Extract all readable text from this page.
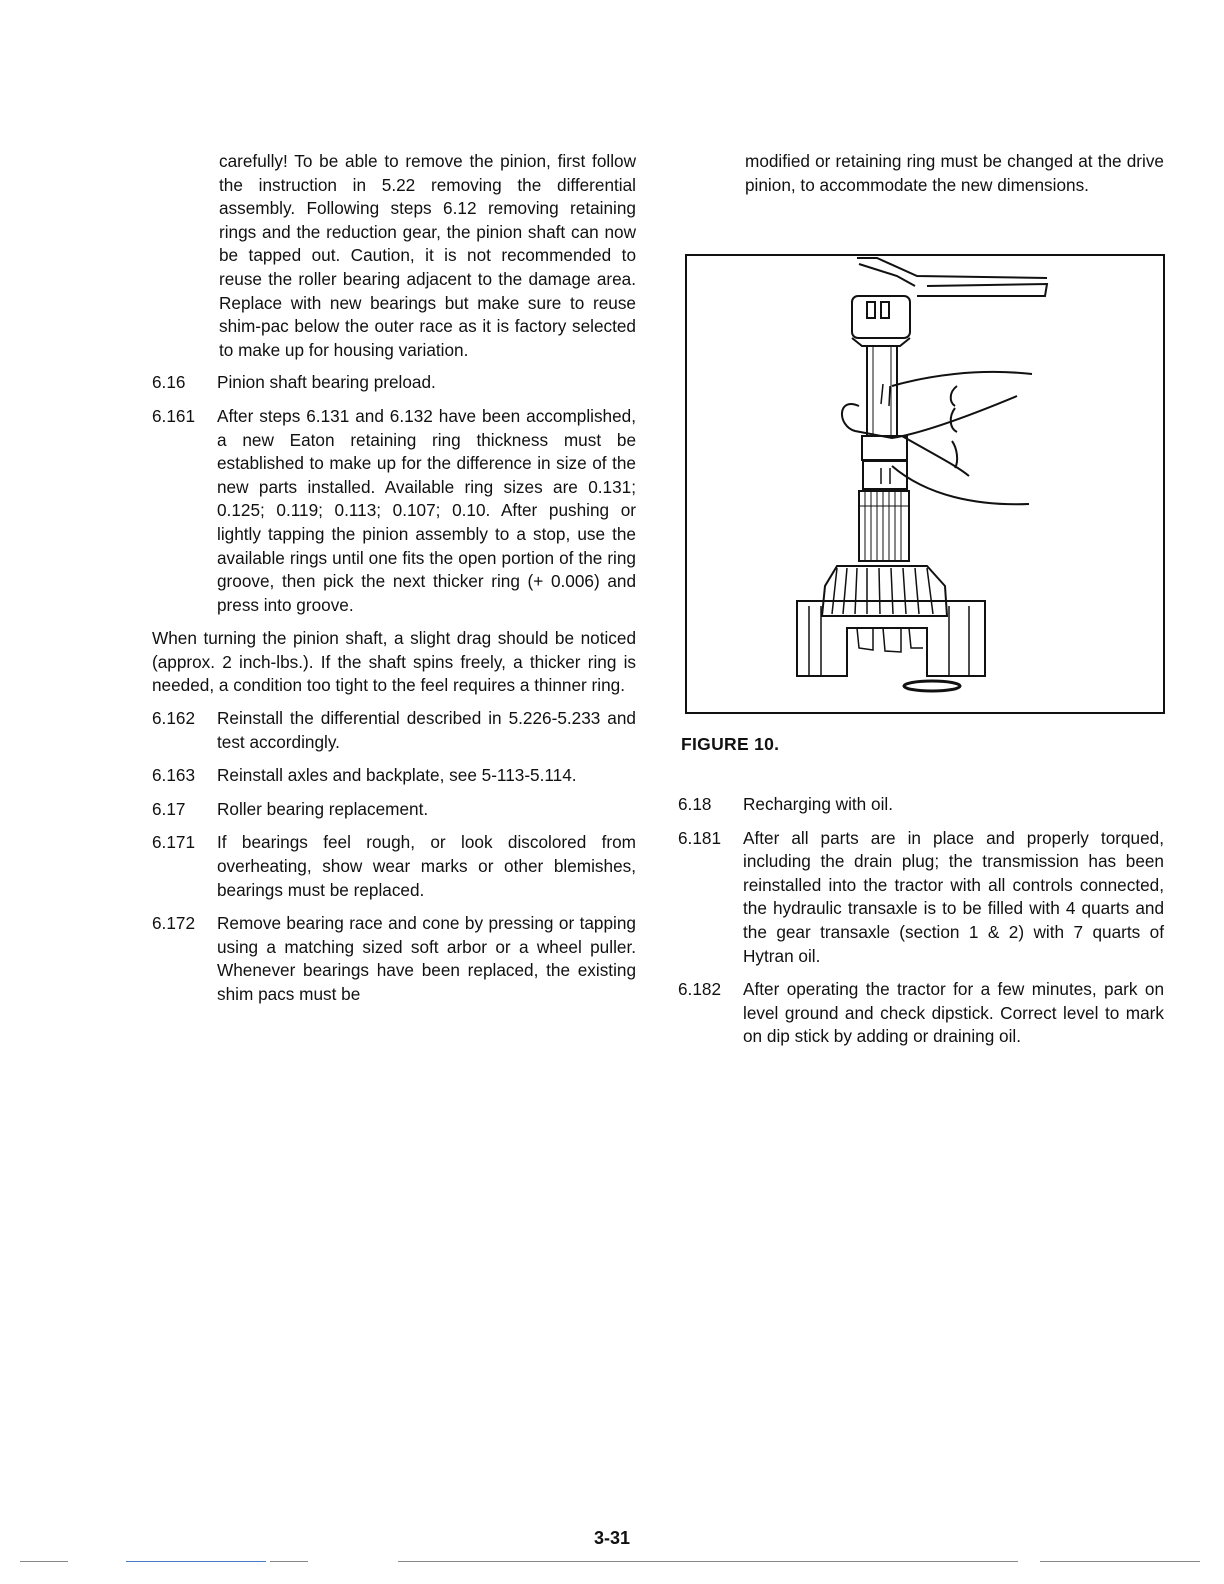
carefully! To be able to remove the pinion, first follow the instruction in 5.22 removing the differential assembly. Following steps 6.12 removing retaining rings and the reduction gear, the pinion shaft can now be tapped out. Caution, it is not recommended to reuse the roller bearing adjacent to the damage area. Replace with new bearings but make sure to reuse shim-pac below the outer race as it is factory selected to make up for housing variation.

6.16	Pinion shaft bearing preload.
6.161	After steps 6.131 and 6.132 have been accomplished, a new Eaton retaining ring thickness must be established to make up for the difference in size of the new parts installed. Available ring sizes are 0.131; 0.125; 0.119; 0.113; 0.107; 0.10. After pushing or lightly tapping the pinion assembly to a stop, use the available rings until one fits the open portion of the ring groove, then pick the next thicker ring (+ 0.006) and press into groove.

When turning the pinion shaft, a slight drag should be noticed (approx. 2 inch-lbs.). If the shaft spins freely, a thicker ring is needed, a condition too tight to the feel requires a thinner ring.

6.162	Reinstall the differential described in 5.226-5.233 and test accordingly.
6.163	Reinstall axles and backplate, see 5-113-5.114.
6.17	Roller bearing replacement.
6.171	If bearings feel rough, or look discolored from overheating, show wear marks or other blemishes, bearings must be replaced.
6.172	Remove bearing race and cone by pressing or tapping using a matching sized soft arbor or a wheel puller. Whenever bearings have been replaced, the existing shim pacs must be

modified or retaining ring must be changed at the drive pinion, to accommodate the new dimensions.

FIGURE 10.
6.18	Recharging with oil.
6.181	After all parts are in place and properly torqued, including the drain plug; the transmission has been reinstalled into the tractor with all controls connected, the hydraulic transaxle is to be filled with 4 quarts and the gear transaxle (section 1 & 2) with 7 quarts of Hytran oil.
6.182	After operating the tractor for a few minutes, park on level ground and check dipstick. Correct level to mark on dip stick by adding or draining oil.
3-31
